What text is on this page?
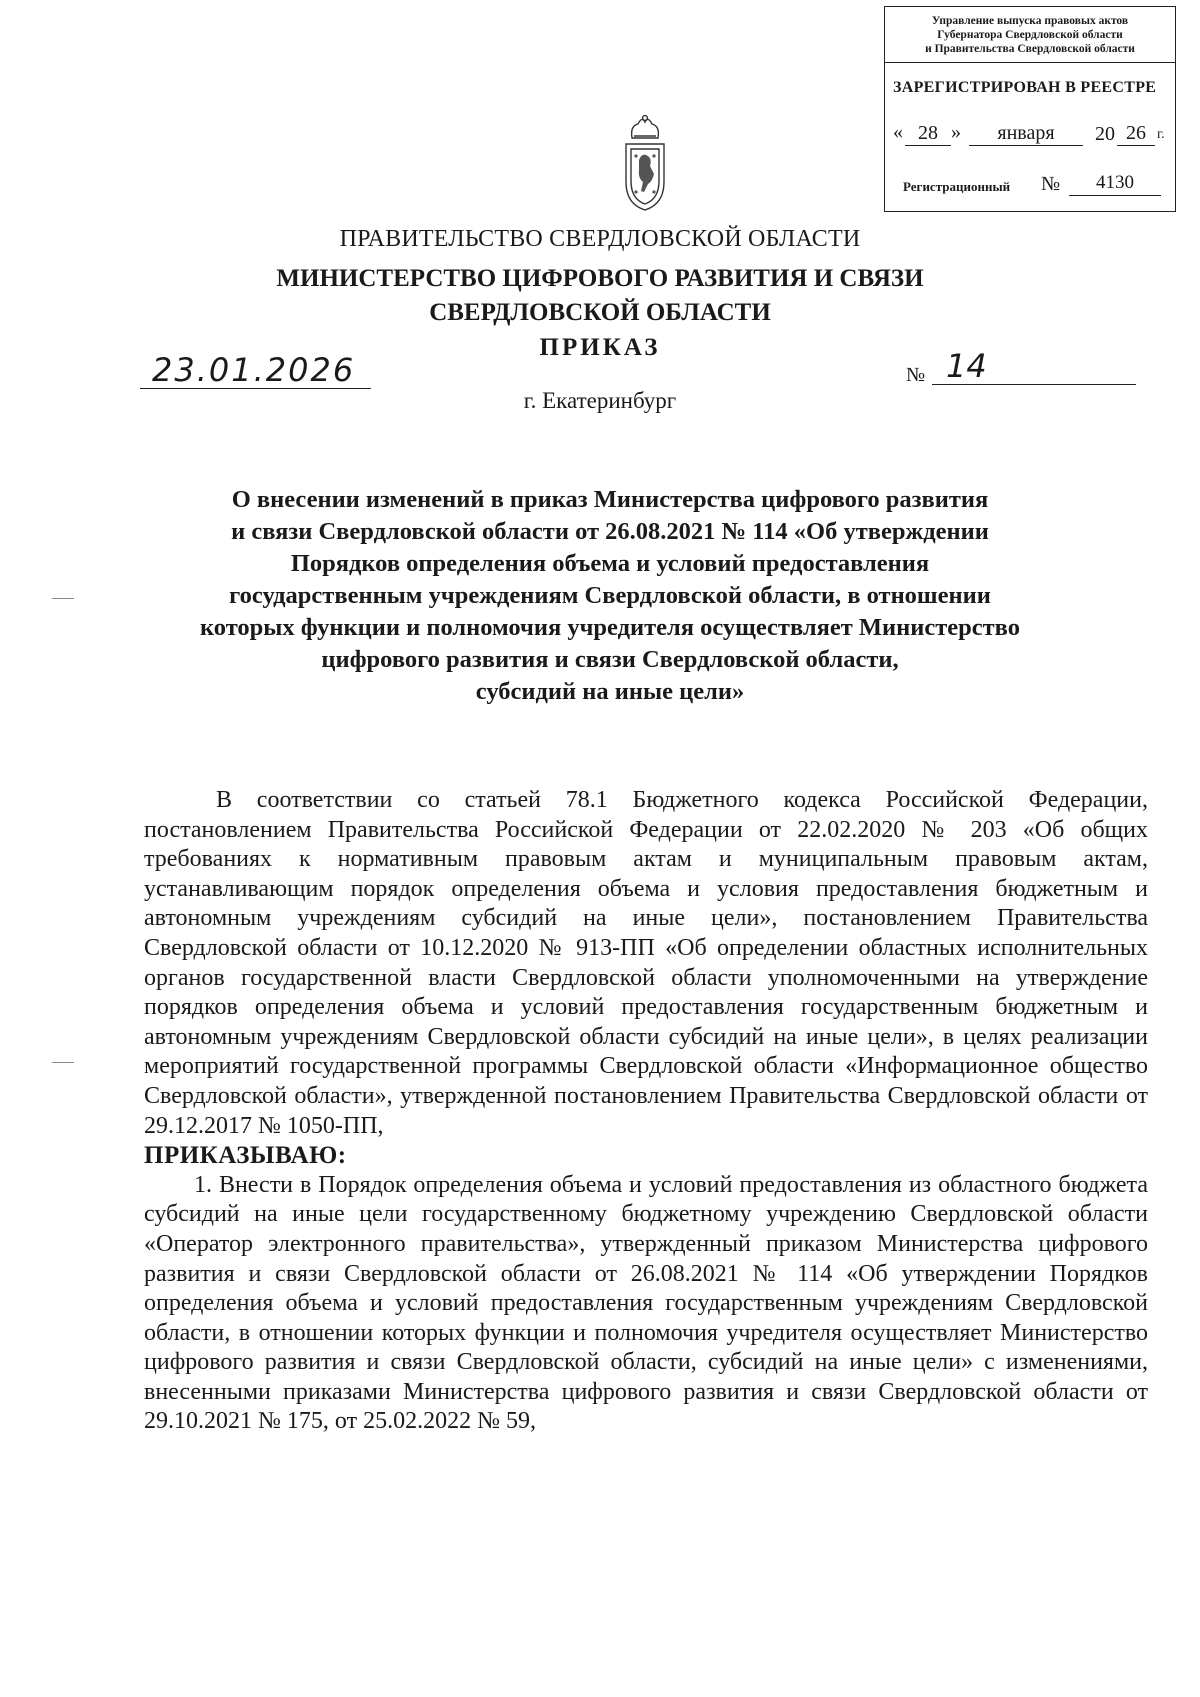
Управление выпуска правовых актов
Губернатора Свердловской области
и Правительства Свердловской области
ЗАРЕГИСТРИРОВАН В РЕЕСТРЕ
« 28 »	января	20 26 г.
Регистрационный №	4130
ПРАВИТЕЛЬСТВО СВЕРДЛОВСКОЙ ОБЛАСТИ
МИНИСТЕРСТВО ЦИФРОВОГО РАЗВИТИЯ И СВЯЗИ
СВЕРДЛОВСКОЙ ОБЛАСТИ
ПРИКАЗ
23.01.2026	№ 14
г. Екатеринбург
О внесении изменений в приказ Министерства цифрового развития
и связи Свердловской области от 26.08.2021 № 114 «Об утверждении
Порядков определения объема и условий предоставления
государственным учреждениям Свердловской области, в отношении
которых функции и полномочия учредителя осуществляет Министерство
цифрового развития и связи Свердловской области,
субсидий на иные цели»

В соответствии со статьей 78.1 Бюджетного кодекса Российской Федерации, постановлением Правительства Российской Федерации от 22.02.2020 № 203 «Об общих требованиях к нормативным правовым актам и муниципальным правовым актам, устанавливающим порядок определения объема и условия предоставления бюджетным и автономным учреждениям субсидий на иные цели», постановлением Правительства Свердловской области от 10.12.2020 № 913-ПП «Об определении областных исполнительных органов государственной власти Свердловской области уполномоченными на утверждение порядков определения объема и условий предоставления государственным бюджетным и автономным учреждениям Свердловской области субсидий на иные цели», в целях реализации мероприятий государственной программы Свердловской области «Информационное общество Свердловской области», утвержденной постановлением Правительства Свердловской области от 29.12.2017 № 1050-ПП,

ПРИКАЗЫВАЮ:

1. Внести в Порядок определения объема и условий предоставления из областного бюджета субсидий на иные цели государственному бюджетному учреждению Свердловской области «Оператор электронного правительства», утвержденный приказом Министерства цифрового развития и связи Свердловской области от 26.08.2021 № 114 «Об утверждении Порядков определения объема и условий предоставления государственным учреждениям Свердловской области, в отношении которых функции и полномочия учредителя осуществляет Министерство цифрового развития и связи Свердловской области, субсидий на иные цели» с изменениями, внесенными приказами Министерства цифрового развития и связи Свердловской области от 29.10.2021 № 175, от 25.02.2022 № 59,
